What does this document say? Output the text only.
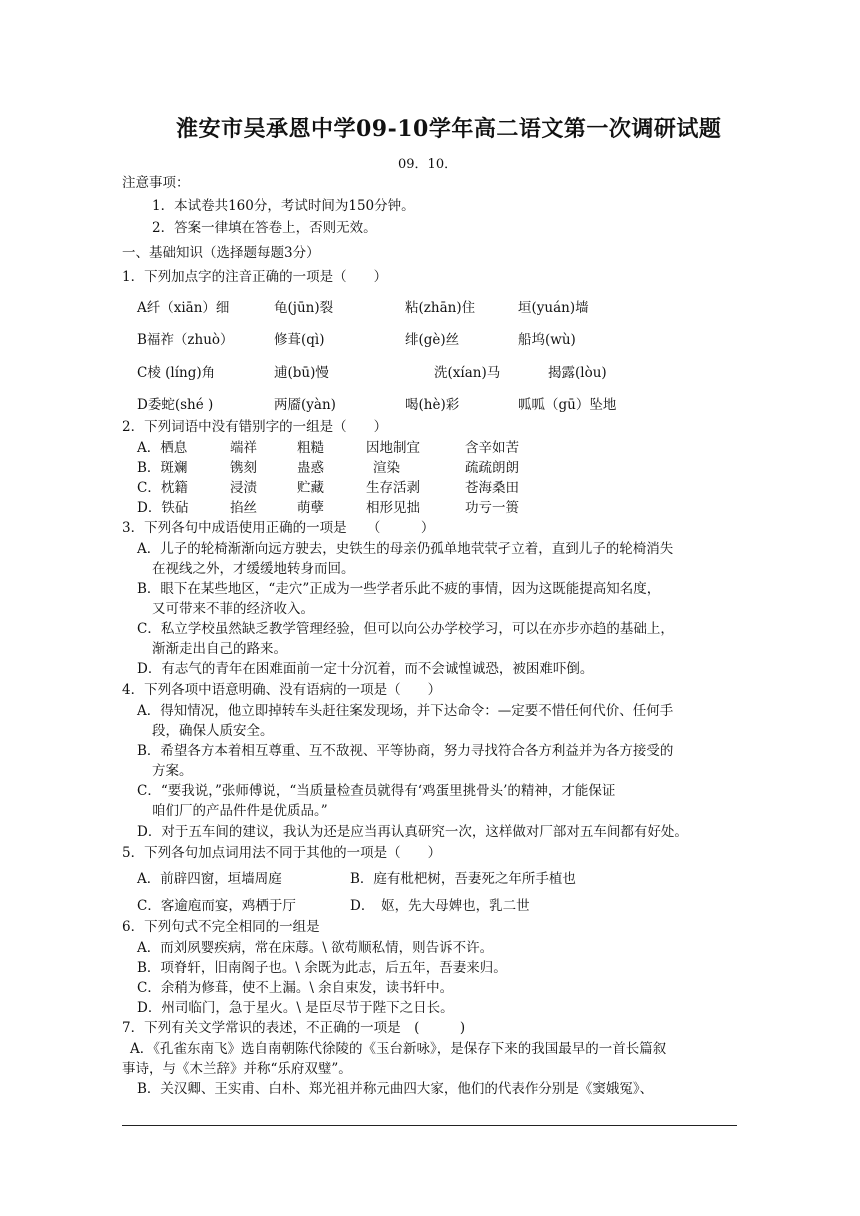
淮安市吴承恩中学09-10学年高二语文第一次调研试题
09．10．
注意事项：
1．本试卷共160分，考试时间为150分钟。
2．答案一律填在答卷上，否则无效。
一、基础知识（选择题每题3分）
1．下列加点字的注音正确的一项是（　　）
A纤（xiān）细	龟(jūn)裂	粘(zhān)住	垣(yuán)墙
B福祚（zhuò）	修葺(qì)	绯(gè)丝	船坞(wù)
C棱 (líng)角	逋(bū)慢	洗(xían)马	揭露(lòu)
D委蛇(shé )	两靥(yàn)	喝(hè)彩	呱呱（gū）坠地
2．下列词语中没有错别字的一组是（　　）
A．栖息	端祥	粗糙	因地制宜	含辛如苦
B．斑斓	镌刻	蛊惑	渲染	疏疏朗朗
C．枕籍	浸渍	贮藏	生存活剥	苍海桑田
D．铁砧	掐丝	萌孽	相形见拙	功亏一篑
3．下列各句中成语使用正确的一项是　　（　　　）
A．儿子的轮椅渐渐向远方驶去，史铁生的母亲仍孤单地茕茕孑立着，直到儿子的轮椅消失
在视线之外，才缓缓地转身而回。
B．眼下在某些地区，“走穴”正成为一些学者乐此不疲的事情，因为这既能提高知名度，
又可带来不菲的经济收入。
C．私立学校虽然缺乏教学管理经验，但可以向公办学校学习，可以在亦步亦趋的基础上，
渐渐走出自己的路来。
D．有志气的青年在困难面前一定十分沉着，而不会诚惶诚恐，被困难吓倒。
4．下列各项中语意明确、没有语病的一项是（　　）
A．得知情况，他立即掉转车头赶往案发现场，并下达命令：—定要不惜任何代价、任何手
段，确保人质安全。
B．希望各方本着相互尊重、互不敌视、平等协商，努力寻找符合各方利益并为各方接受的
方案。
C．“要我说，”张师傅说，“当质量检查员就得有‘鸡蛋里挑骨头’的精神，才能保证
咱们厂的产品件件是优质品。”
D．对于五车间的建议，我认为还是应当再认真研究一次，这样做对厂部对五车间都有好处。
5．下列各句加点词用法不同于其他的一项是（　　）
A．前辟四窗，垣墙周庭	B．庭有枇杷树，吾妻死之年所手植也
C．客逾庖而宴，鸡栖于厅	D．　妪，先大母婢也，乳二世
6．下列句式不完全相同的一组是
A．而刘夙婴疾病，常在床蓐。\ 欲苟顺私情，则告诉不许。
B．项脊轩，旧南阁子也。\ 余既为此志，后五年，吾妻来归。
C．余稍为修葺，使不上漏。\ 余自束发，读书轩中。
D．州司临门，急于星火。\ 是臣尽节于陛下之日长。
7．下列有关文学常识的表述，不正确的一项是　(　　　)
A．《孔雀东南飞》选自南朝陈代徐陵的《玉台新咏》，是保存下来的我国最早的一首长篇叙
事诗，与《木兰辞》并称“乐府双璧”。
B．关汉卿、王实甫、白朴、郑光祖并称元曲四大家，他们的代表作分别是《窦娥冤》、
